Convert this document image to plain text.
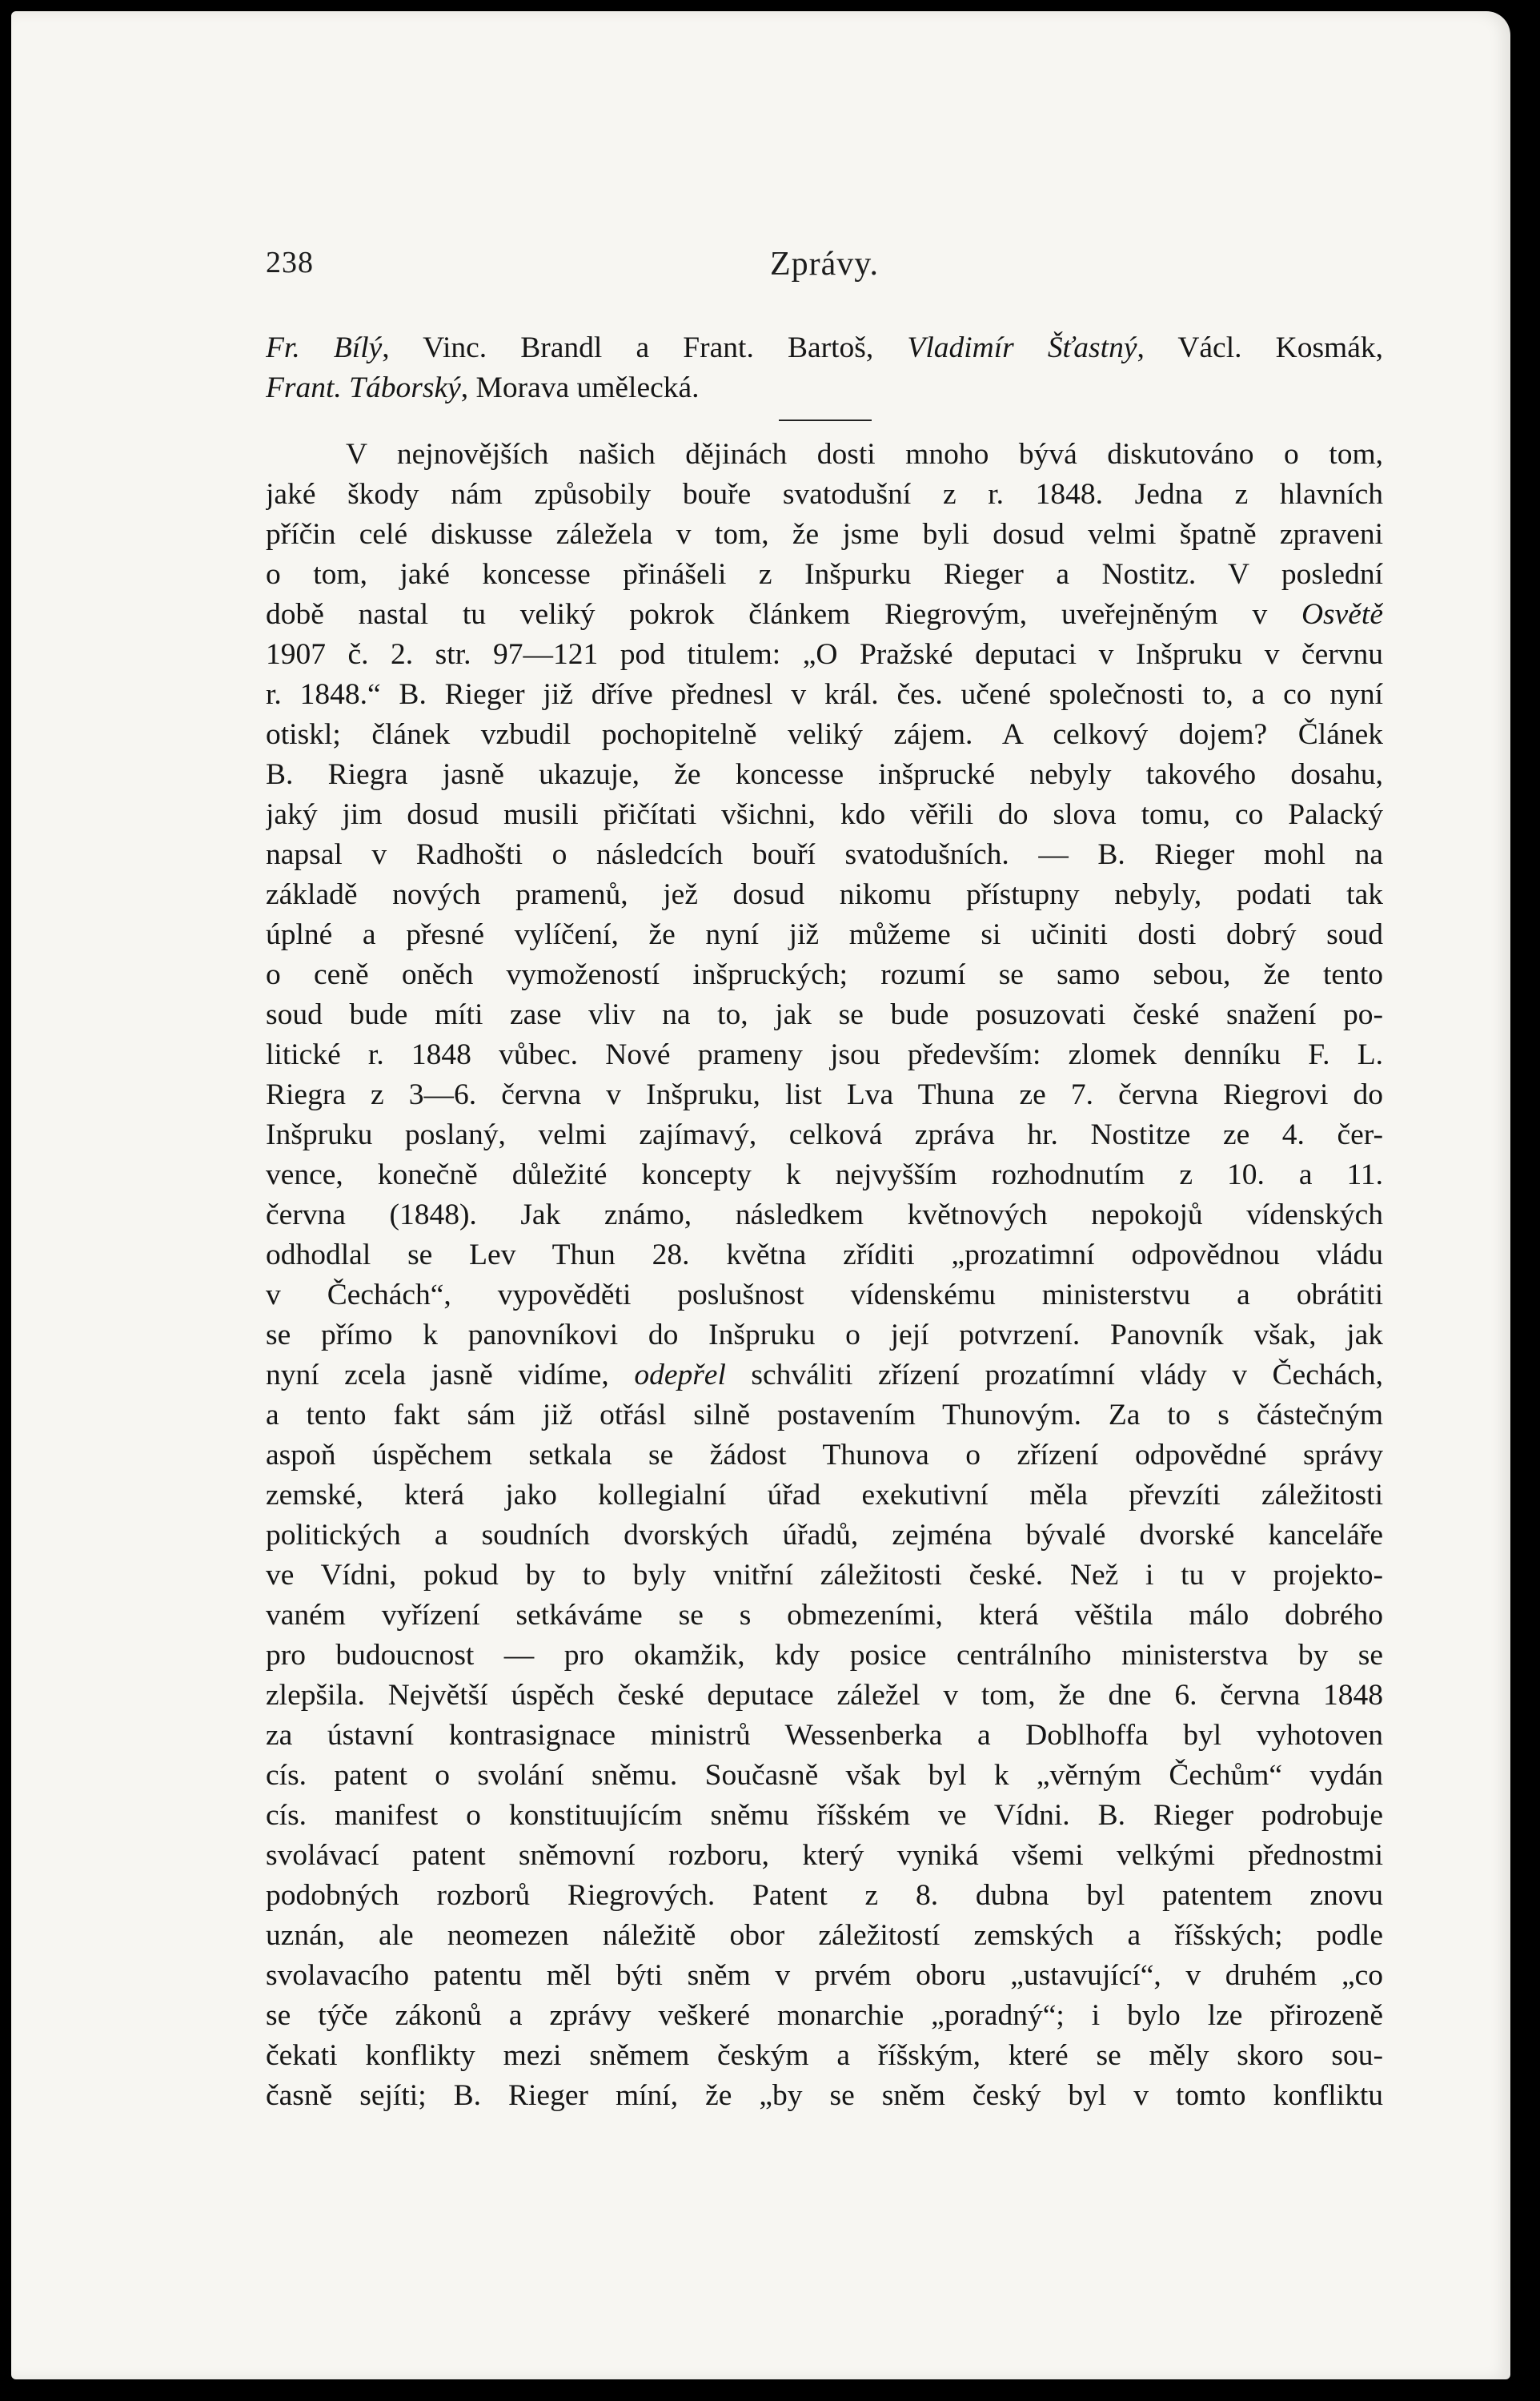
238	Zprávy.
Fr. Bílý, Vinc. Brandl a Frant. Bartoš, Vladimír Šťastný, Václ. Kosmák,
Frant. Táborský, Morava umělecká.
V nejnovějších našich dějinách dosti mnoho bývá diskutováno o tom,
jaké škody nám způsobily bouře svatodušní z r. 1848. Jedna z hlavních
příčin celé diskusse záležela v tom, že jsme byli dosud velmi špatně zpraveni
o tom, jaké koncesse přinášeli z Inšpurku Rieger a Nostitz. V poslední
době nastal tu veliký pokrok článkem Riegrovým, uveřejněným v Osvětě
1907 č. 2. str. 97—121 pod titulem: „O Pražské deputaci v Inšpruku v červnu
r. 1848.“ B. Rieger již dříve přednesl v král. čes. učené společnosti to, a co nyní
otiskl; článek vzbudil pochopitelně veliký zájem. A celkový dojem? Článek
B. Riegra jasně ukazuje, že koncesse inšprucké nebyly takového dosahu,
jaký jim dosud musili přičítati všichni, kdo věřili do slova tomu, co Palacký
napsal v Radhošti o následcích bouří svatodušních. — B. Rieger mohl na
základě nových pramenů, jež dosud nikomu přístupny nebyly, podati tak
úplné a přesné vylíčení, že nyní již můžeme si učiniti dosti dobrý soud
o ceně oněch vymožeností inšpruckých; rozumí se samo sebou, že tento
soud bude míti zase vliv na to, jak se bude posuzovati české snažení po-
litické r. 1848 vůbec. Nové prameny jsou především: zlomek denníku F. L.
Riegra z 3—6. června v Inšpruku, list Lva Thuna ze 7. června Riegrovi do
Inšpruku poslaný, velmi zajímavý, celková zpráva hr. Nostitze ze 4. čer-
vence, konečně důležité koncepty k nejvyšším rozhodnutím z 10. a 11.
června (1848). Jak známo, následkem květnových nepokojů vídenských
odhodlal se Lev Thun 28. května zříditi „prozatimní odpovědnou vládu
v Čechách“, vypověděti poslušnost vídenskému ministerstvu a obrátiti
se přímo k panovníkovi do Inšpruku o její potvrzení. Panovník však, jak
nyní zcela jasně vidíme, odepřel schváliti zřízení prozatímní vlády v Čechách,
a tento fakt sám již otřásl silně postavením Thunovým. Za to s částečným
aspoň úspěchem setkala se žádost Thunova o zřízení odpovědné správy
zemské, která jako kollegialní úřad exekutivní měla převzíti záležitosti
politických a soudních dvorských úřadů, zejména bývalé dvorské kanceláře
ve Vídni, pokud by to byly vnitřní záležitosti české. Než i tu v projekto-
vaném vyřízení setkáváme se s obmezeními, která věštila málo dobrého
pro budoucnost — pro okamžik, kdy posice centrálního ministerstva by se
zlepšila. Největší úspěch české deputace záležel v tom, že dne 6. června 1848
za ústavní kontrasignace ministrů Wessenberka a Doblhoffa byl vyhotoven
cís. patent o svolání sněmu. Současně však byl k „věrným Čechům“ vydán
cís. manifest o konstituujícím sněmu říšském ve Vídni. B. Rieger podrobuje
svolávací patent sněmovní rozboru, který vyniká všemi velkými přednostmi
podobných rozborů Riegrových. Patent z 8. dubna byl patentem znovu
uznán, ale neomezen náležitě obor záležitostí zemských a říšských; podle
svolavacího patentu měl býti sněm v prvém oboru „ustavující“, v druhém „co
se týče zákonů a zprávy veškeré monarchie „poradný“; i bylo lze přirozeně
čekati konflikty mezi sněmem českým a říšským, které se měly skoro sou-
časně sejíti; B. Rieger míní, že „by se sněm český byl v tomto konfliktu
